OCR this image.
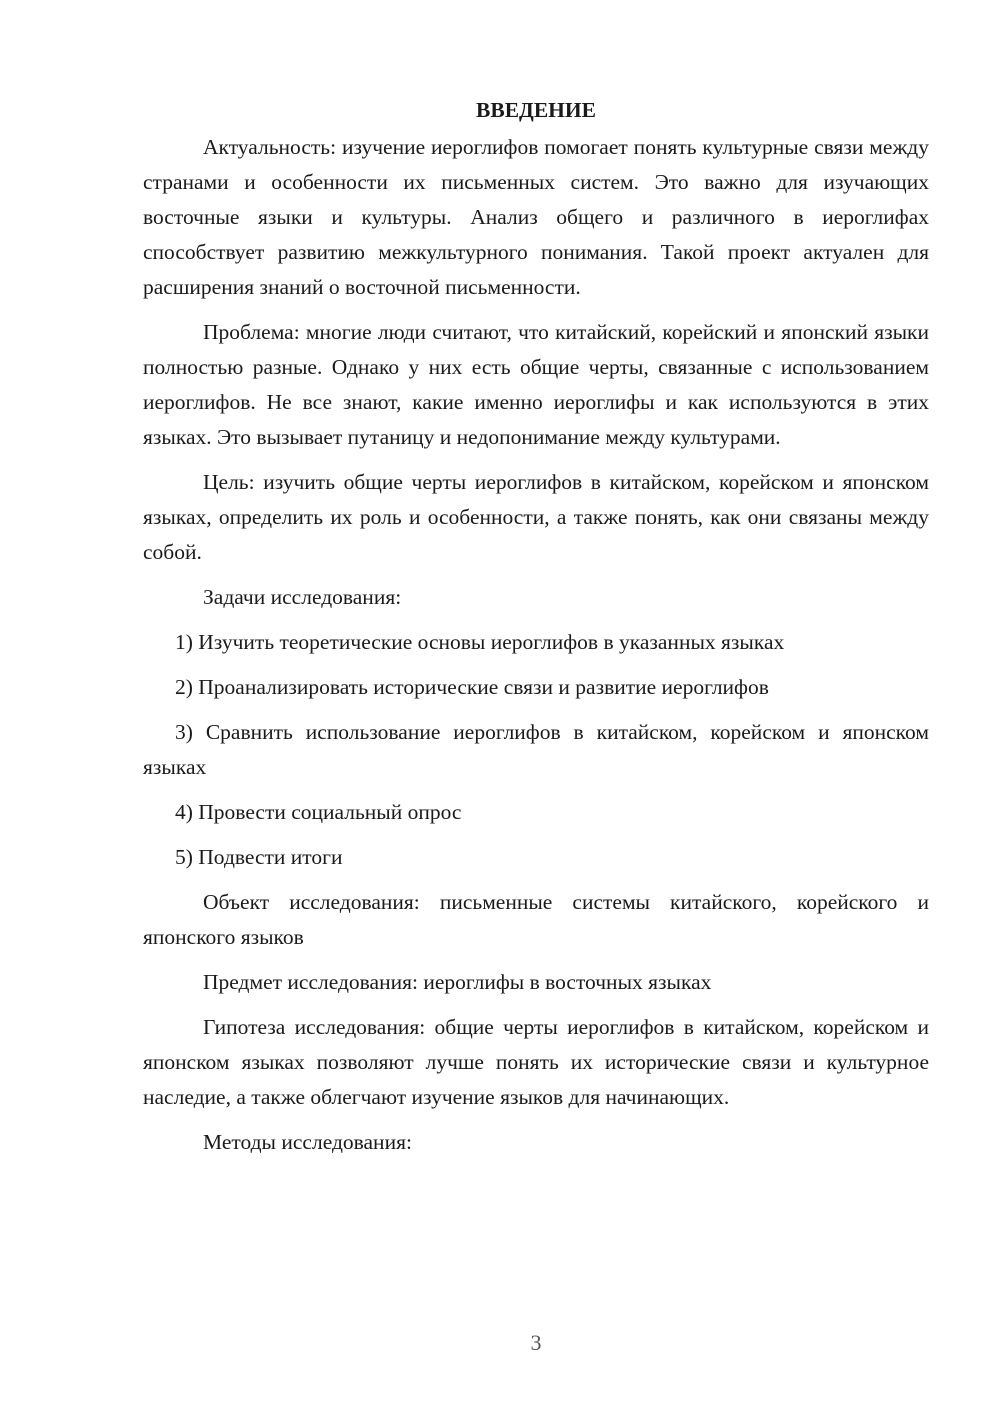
ВВЕДЕНИЕ

Актуальность: изучение иероглифов помогает понять культурные связи между странами и особенности их письменных систем. Это важно для изучающих восточные языки и культуры. Анализ общего и различного в иероглифах способствует развитию межкультурного понимания. Такой проект актуален для расширения знаний о восточной письменности.

Проблема: многие люди считают, что китайский, корейский и японский языки полностью разные. Однако у них есть общие черты, связанные с использованием иероглифов. Не все знают, какие именно иероглифы и как используются в этих языках. Это вызывает путаницу и недопонимание между культурами.

Цель: изучить общие черты иероглифов в китайском, корейском и японском языках, определить их роль и особенности, а также понять, как они связаны между собой.

Задачи исследования:

1) Изучить теоретические основы иероглифов в указанных языках

2) Проанализировать исторические связи и развитие иероглифов

3) Сравнить использование иероглифов в китайском, корейском и японском языках

4) Провести социальный опрос

5) Подвести итоги

Объект исследования: письменные системы китайского, корейского и японского языков

Предмет исследования: иероглифы в восточных языках

Гипотеза исследования: общие черты иероглифов в китайском, корейском и японском языках позволяют лучше понять их исторические связи и культурное наследие, а также облегчают изучение языков для начинающих.

Методы исследования:

3
